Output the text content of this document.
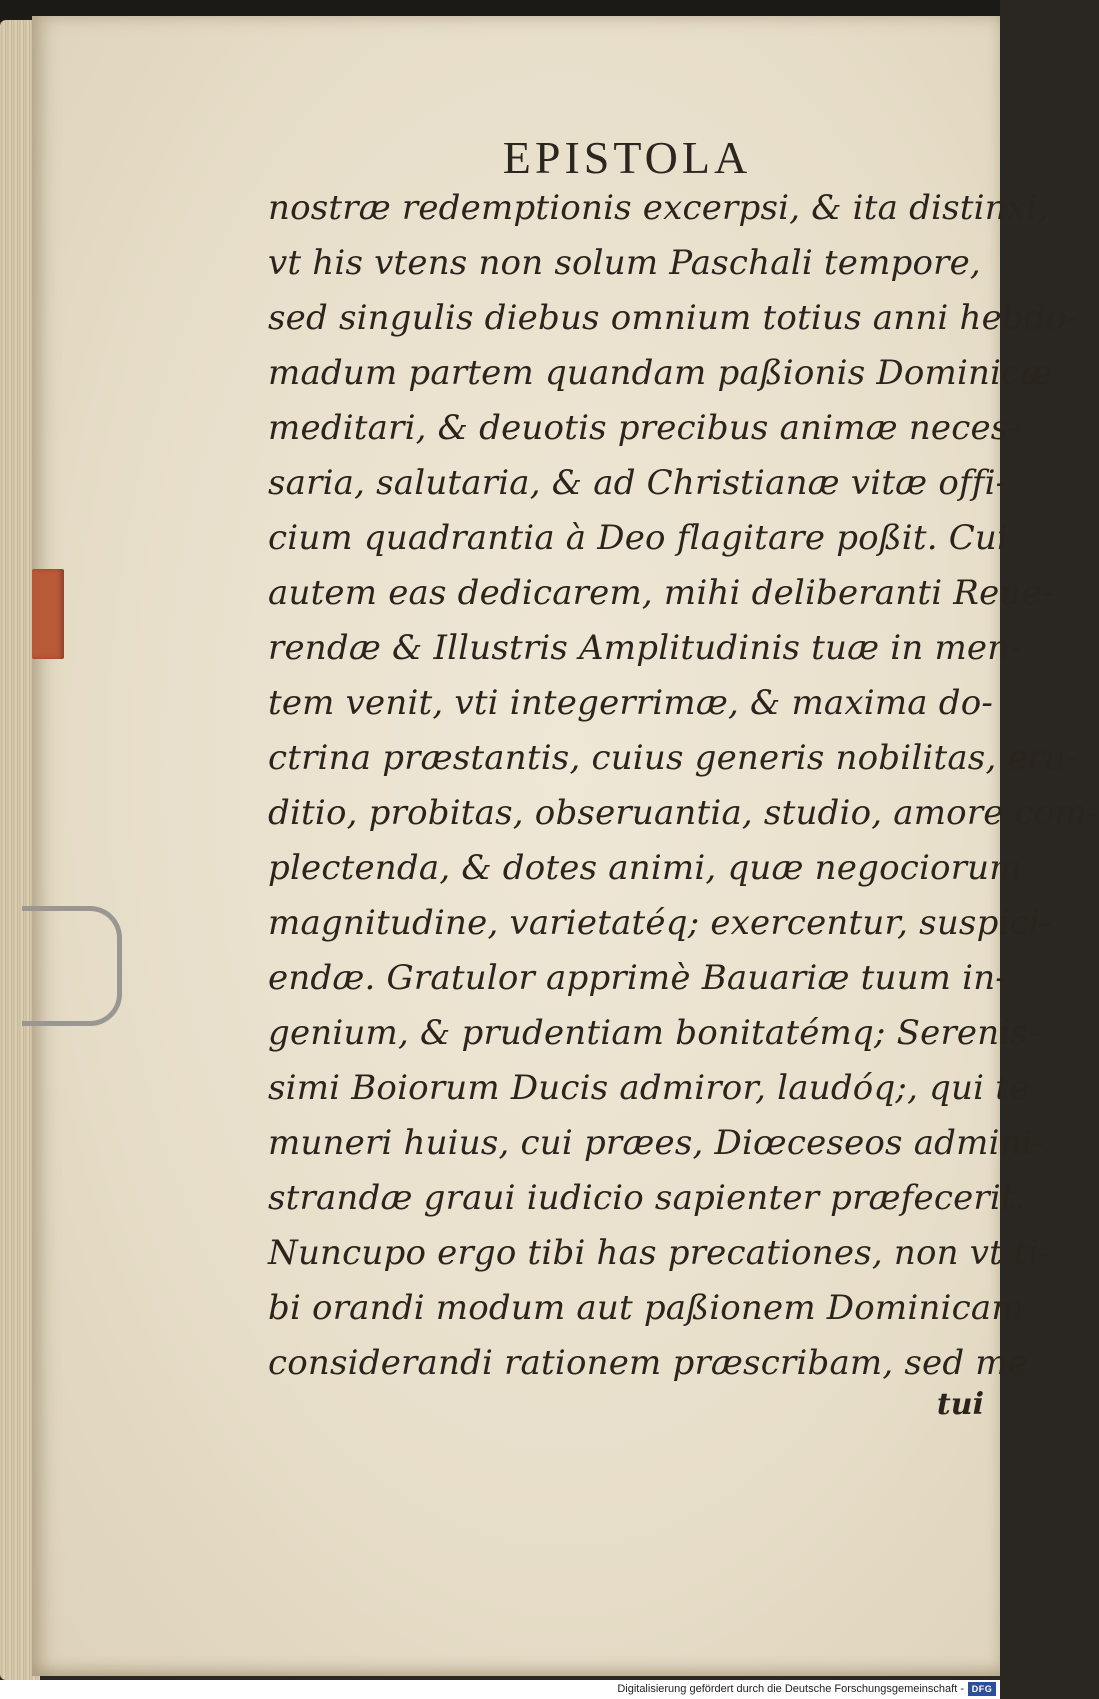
EPISTOLA
nostræ redemptionis excerpsi, & ita distinxi,
vt his vtens non solum Paschali tempore,
sed singulis diebus omnium totius anni hebdo-
madum partem quandam paßionis Dominicæ
meditari, & deuotis precibus animæ neces-
saria, salutaria, & ad Christianæ vitæ offi-
cium quadrantia à Deo flagitare poßit. Cui
autem eas dedicarem, mihi deliberanti Reue-
rendæ & Illustris Amplitudinis tuæ in men-
tem venit, vti integerrimæ, & maxima do-
ctrina præstantis, cuius generis nobilitas, eru-
ditio, probitas, obseruantia, studio, amore com-
plectenda, & dotes animi, quæ negociorum
magnitudine, varietatéq; exercentur, suspici-
endæ. Gratulor apprimè Bauariæ tuum in-
genium, & prudentiam bonitatémq; Serenis-
simi Boiorum Ducis admiror, laudóq;, qui te
muneri huius, cui præes, Diœceseos admini-
strandæ graui iudicio sapienter præfecerit.
Nuncupo ergo tibi has precationes, non vt ti-
bi orandi modum aut paßionem Dominicam
considerandi rationem præscribam, sed me
tui
Digitalisierung gefördert durch die Deutsche Forschungsgemeinschaft - DFG
